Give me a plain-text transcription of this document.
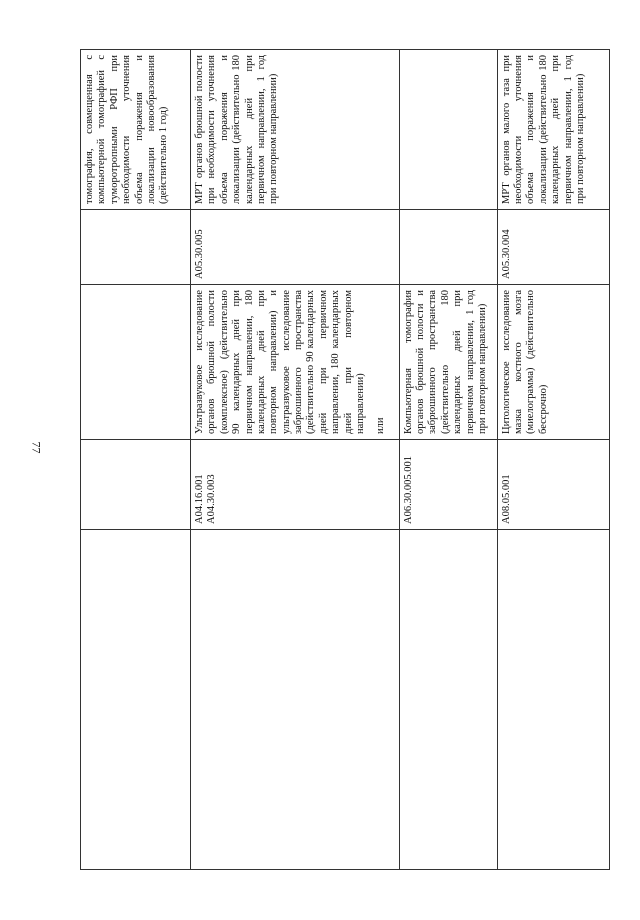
77
				томография, совмещенная с компьютерной томографией с туморотропными РФП при необходимости уточнения объема поражения и локализации новообразования (действительно 1 год)

	A04.16.001 A04.30.003	Ультразвуковое исследование органов брюшной полости (комплексное) (действительно 90 календарных дней при первичном направлении, 180 календарных дней при повторном направлении) и ультразвуковое исследование забрюшинного пространства (действительно 90 календарных дней при первичном направлении, 180 календарных дней при повторном направлении) или	A05.30.005	МРТ органов брюшной полости при необходимости уточнения объема поражения и локализации (действительно 180 календарных дней при первичном направлении, 1 год при повторном направлении)

	A06.30.005.001	Компьютерная томография органов брюшной полости и забрюшинного пространства (действительно 180 календарных дней при первичном направлении, 1 год при повторном направлении)		

	A08.05.001	Цитологическое исследование мазка костного мозга (миелограмма) (действительно бессрочно)	A05.30.004	МРТ органов малого таза при необходимости уточнения объема поражения и локализации (действительно 180 календарных дней при первичном направлении, 1 год при повторном направлении)
